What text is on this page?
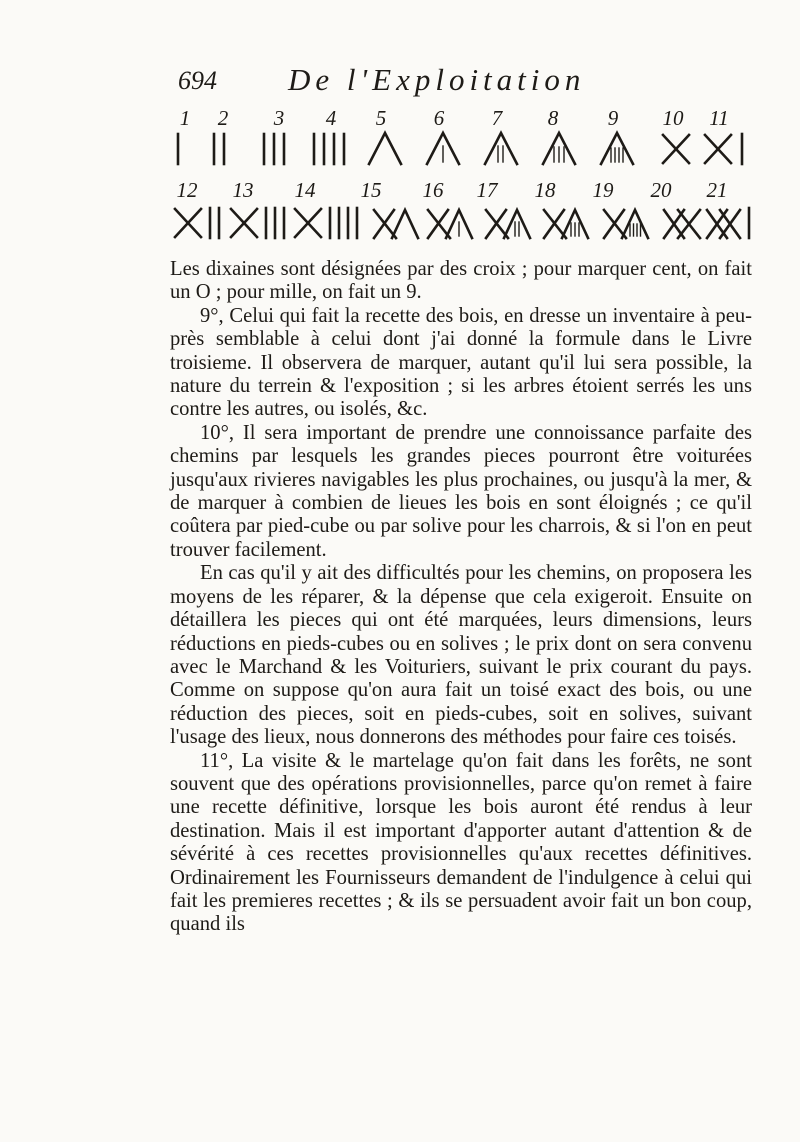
694 De l'Exploitation
1	2	3	4	5	6	7	8	9	10	11
12	13	14	15	16	17	18	19	20	21

Les dixaines sont désignées par des croix ; pour marquer cent, on fait un O ; pour mille, on fait un 9.

9°, Celui qui fait la recette des bois, en dresse un inventaire à peu-près semblable à celui dont j'ai donné la formule dans le Livre troisieme. Il observera de marquer, autant qu'il lui sera possible, la nature du terrein & l'exposition ; si les arbres étoient serrés les uns contre les autres, ou isolés, &c.

10°, Il sera important de prendre une connoissance parfaite des chemins par lesquels les grandes pieces pourront être voiturées jusqu'aux rivieres navigables les plus prochaines, ou jusqu'à la mer, & de marquer à combien de lieues les bois en sont éloignés ; ce qu'il coûtera par pied-cube ou par solive pour les charrois, & si l'on en peut trouver facilement.

En cas qu'il y ait des difficultés pour les chemins, on proposera les moyens de les réparer, & la dépense que cela exigeroit. Ensuite on détaillera les pieces qui ont été marquées, leurs dimensions, leurs réductions en pieds-cubes ou en solives ; le prix dont on sera convenu avec le Marchand & les Voituriers, suivant le prix courant du pays. Comme on suppose qu'on aura fait un toisé exact des bois, ou une réduction des pieces, soit en pieds-cubes, soit en solives, suivant l'usage des lieux, nous donnerons des méthodes pour faire ces toisés.

11°, La visite & le martelage qu'on fait dans les forêts, ne sont souvent que des opérations provisionnelles, parce qu'on remet à faire une recette définitive, lorsque les bois auront été rendus à leur destination. Mais il est important d'apporter autant d'attention & de sévérité à ces recettes provisionnelles qu'aux recettes définitives. Ordinairement les Fournisseurs demandent de l'indulgence à celui qui fait les premieres recettes ; & ils se persuadent avoir fait un bon coup, quand ils
